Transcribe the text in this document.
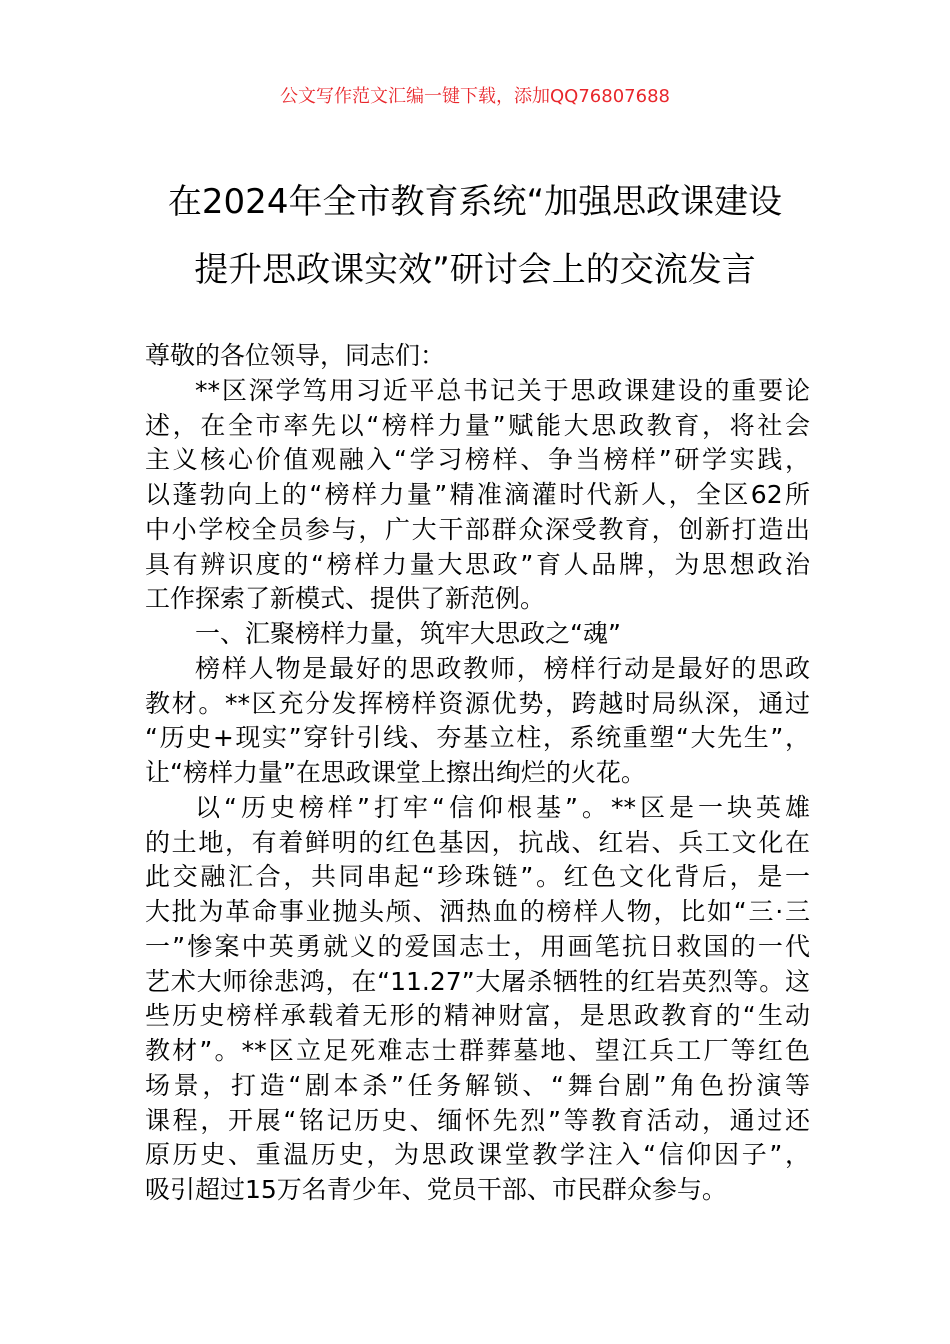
公文写作范文汇编一键下载，添加QQ76807688
在2024年全市教育系统“加强思政课建设
提升思政课实效”研讨会上的交流发言
尊敬的各位领导，同志们：
**区深学笃用习近平总书记关于思政课建设的重要论
述，在全市率先以“榜样力量”赋能大思政教育，将社会
主义核心价值观融入“学习榜样、争当榜样”研学实践，
以蓬勃向上的“榜样力量”精准滴灌时代新人，全区62所
中小学校全员参与，广大干部群众深受教育，创新打造出
具有辨识度的“榜样力量大思政”育人品牌，为思想政治
工作探索了新模式、提供了新范例。
一、汇聚榜样力量，筑牢大思政之“魂”
榜样人物是最好的思政教师，榜样行动是最好的思政
教材。**区充分发挥榜样资源优势，跨越时局纵深，通过
“历史+现实”穿针引线、夯基立柱，系统重塑“大先生”，
让“榜样力量”在思政课堂上擦出绚烂的火花。
以“历史榜样”打牢“信仰根基”。**区是一块英雄
的土地，有着鲜明的红色基因，抗战、红岩、兵工文化在
此交融汇合，共同串起“珍珠链”。红色文化背后，是一
大批为革命事业抛头颅、洒热血的榜样人物，比如“三·三
一”惨案中英勇就义的爱国志士，用画笔抗日救国的一代
艺术大师徐悲鸿，在“11.27”大屠杀牺牲的红岩英烈等。这
些历史榜样承载着无形的精神财富，是思政教育的“生动
教材”。**区立足死难志士群葬墓地、望江兵工厂等红色
场景，打造“剧本杀”任务解锁、“舞台剧”角色扮演等
课程，开展“铭记历史、缅怀先烈”等教育活动，通过还
原历史、重温历史，为思政课堂教学注入“信仰因子”，
吸引超过15万名青少年、党员干部、市民群众参与。
